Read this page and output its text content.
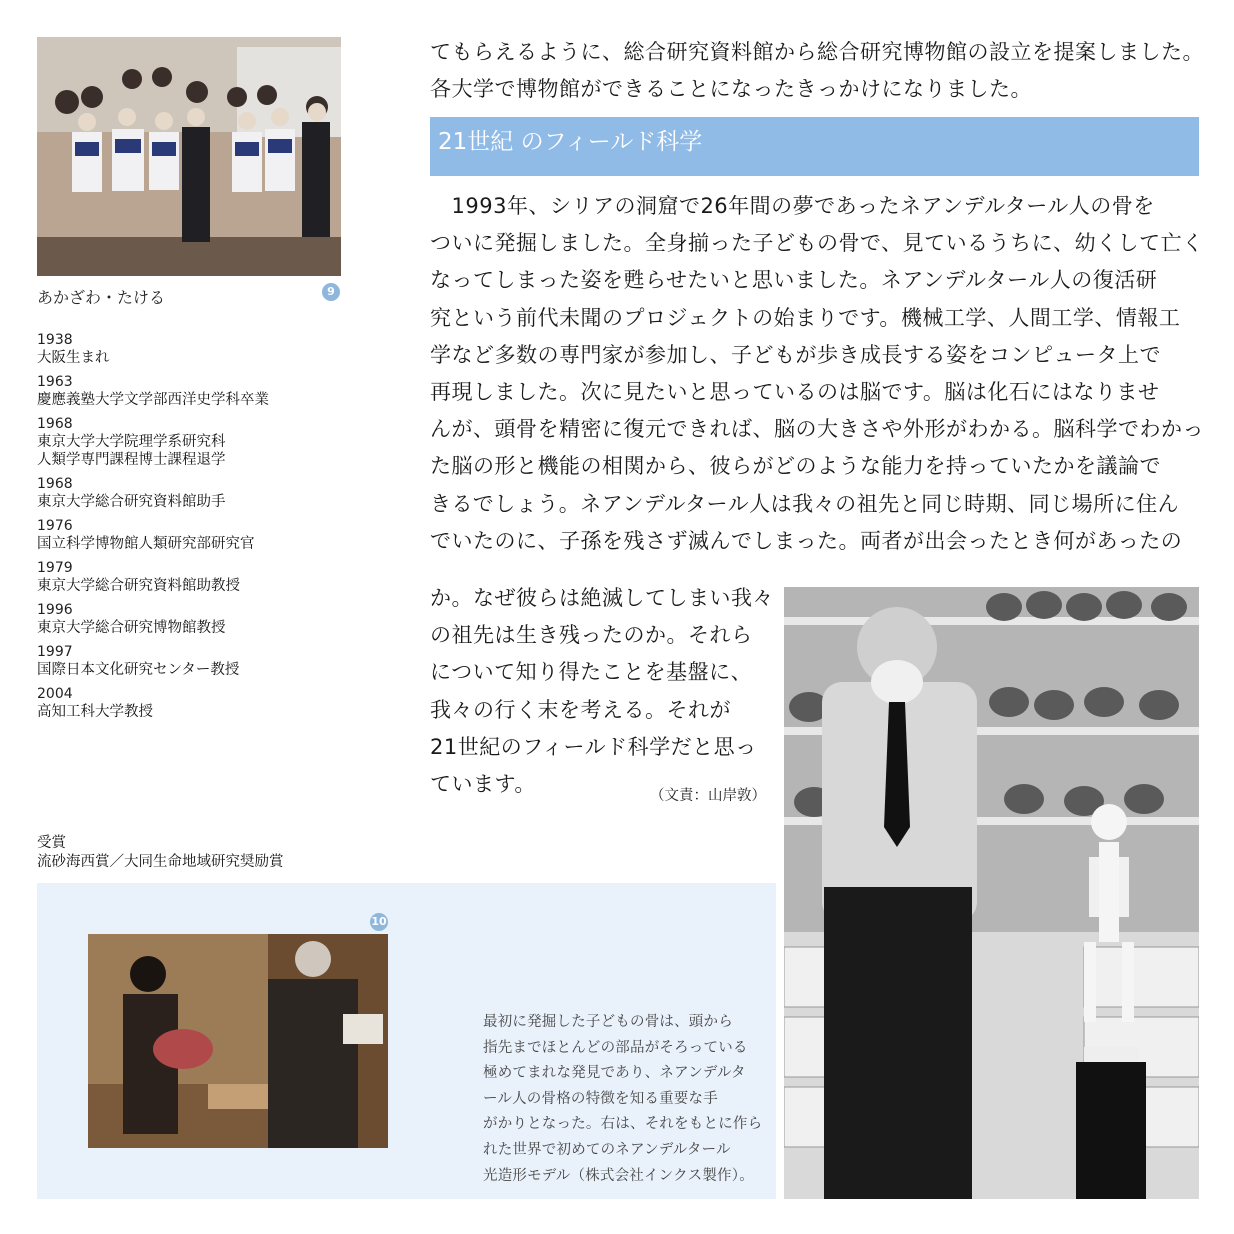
あかざわ・たける	9
1938
大阪生まれ
1963
慶應義塾大学文学部西洋史学科卒業
1968
東京大学大学院理学系研究科
人類学専門課程博士課程退学
1968
東京大学総合研究資料館助手
1976
国立科学博物館人類研究部研究官
1979
東京大学総合研究資料館助教授
1996
東京大学総合研究博物館教授
1997
国際日本文化研究センター教授
2004
高知工科大学教授
受賞
流砂海西賞／大同生命地域研究奨励賞
てもらえるように、総合研究資料館から総合研究博物館の設立を提案しました。
各大学で博物館ができることになったきっかけになりました。
21世紀 のフィールド科学
　1993年、シリアの洞窟で26年間の夢であったネアンデルタール人の骨を
ついに発掘しました。全身揃った子どもの骨で、見ているうちに、幼くして亡く
なってしまった姿を甦らせたいと思いました。ネアンデルタール人の復活研
究という前代未聞のプロジェクトの始まりです。機械工学、人間工学、情報工
学など多数の専門家が参加し、子どもが歩き成長する姿をコンピュータ上で
再現しました。次に見たいと思っているのは脳です。脳は化石にはなりませ
んが、頭骨を精密に復元できれば、脳の大きさや外形がわかる。脳科学でわかっ
た脳の形と機能の相関から、彼らがどのような能力を持っていたかを議論で
きるでしょう。ネアンデルタール人は我々の祖先と同じ時期、同じ場所に住ん
でいたのに、子孫を残さず滅んでしまった。両者が出会ったとき何があったの
か。なぜ彼らは絶滅してしまい我々
の祖先は生き残ったのか。それら
について知り得たことを基盤に、
我々の行く末を考える。それが
21世紀のフィールド科学だと思っ
ています。	（文責：山岸敦）
10
最初に発掘した子どもの骨は、頭から
指先までほとんどの部品がそろっている
極めてまれな発見であり、ネアンデルタ
ール人の骨格の特徴を知る重要な手
がかりとなった。右は、それをもとに作ら
れた世界で初めてのネアンデルタール
光造形モデル（株式会社インクス製作）。
